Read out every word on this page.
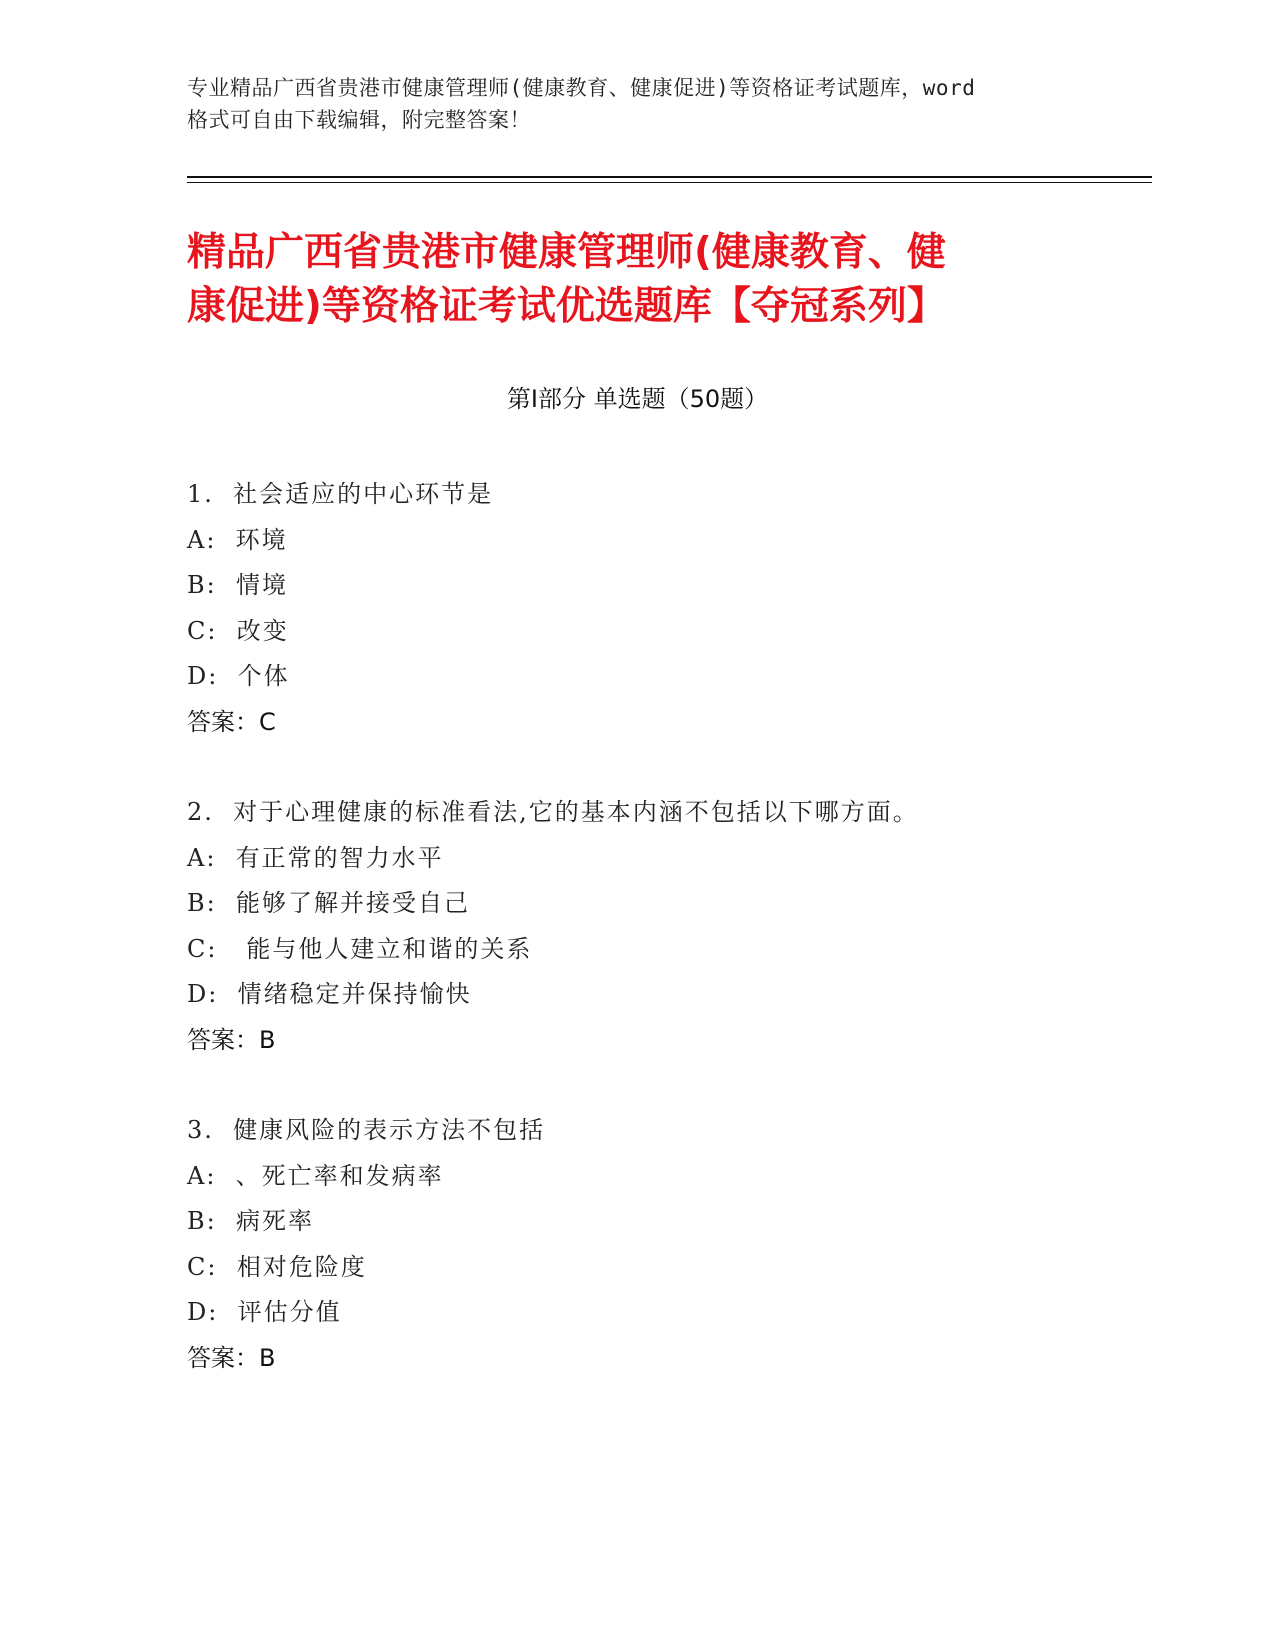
专业精品广西省贵港市健康管理师(健康教育、健康促进)等资格证考试题库，word
格式可自由下载编辑，附完整答案！
精品广西省贵港市健康管理师(健康教育、健
康促进)等资格证考试优选题库【夺冠系列】
第Ⅰ部分 单选题（50题）
1.  社会适应的中心环节是
A:  环境
B:  情境
C:  改变
D:  个体
答案：C
2.  对于心理健康的标准看法,它的基本内涵不包括以下哪方面。
A:  有正常的智力水平
B:  能够了解并接受自己
C:   能与他人建立和谐的关系
D:  情绪稳定并保持愉快
答案：B
3.  健康风险的表示方法不包括
A:  、死亡率和发病率
B:  病死率
C:  相对危险度
D:  评估分值
答案：B
